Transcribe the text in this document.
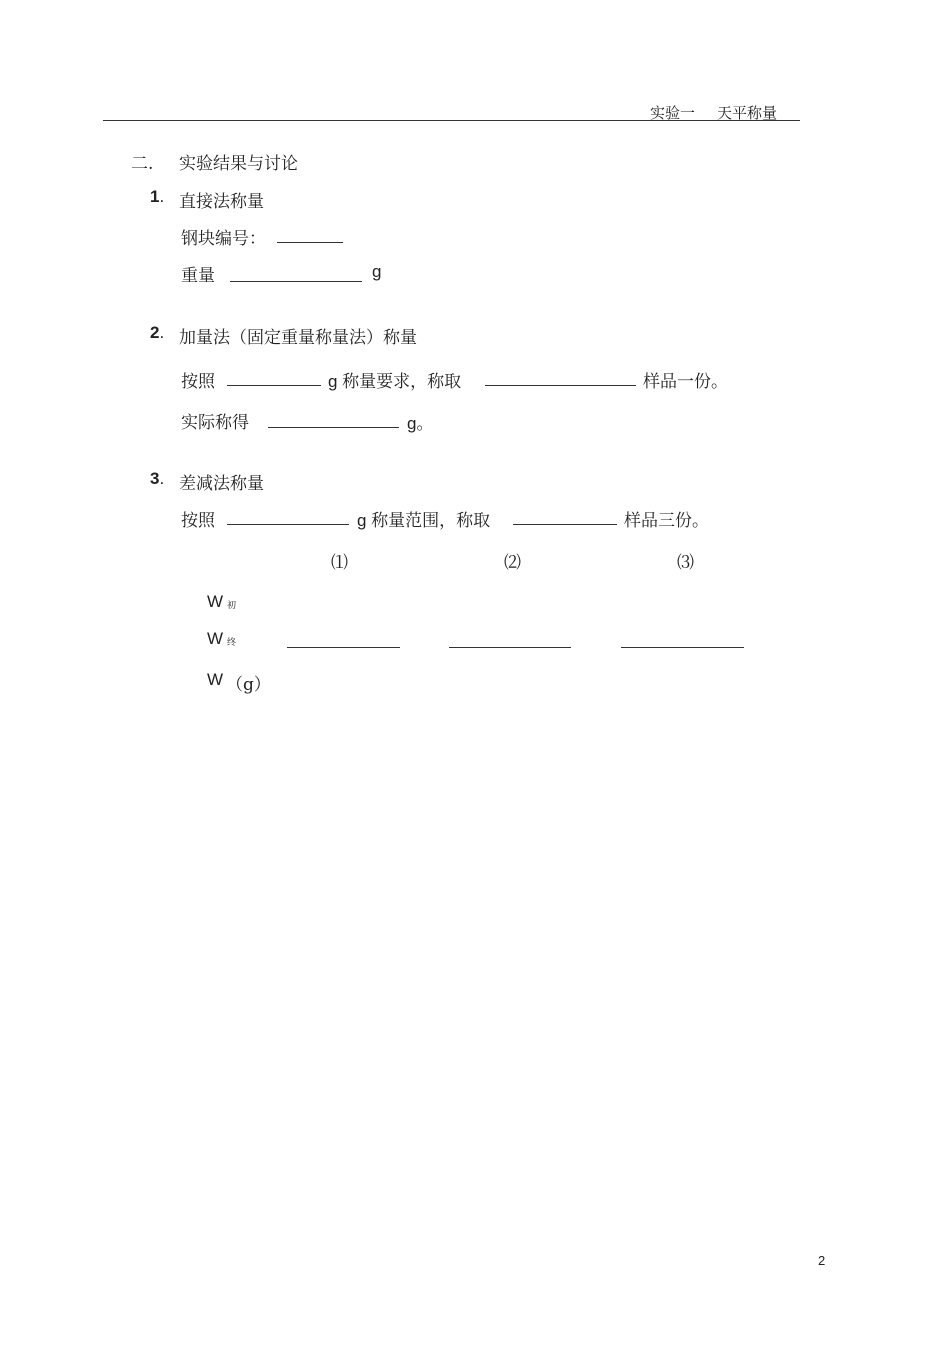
实验一 天平称量
二. 实验结果与讨论
1. 直接法称量
钢块编号：
重量	g
2. 加量法（固定重量称量法）称量
按照	g 称量要求，称取	样品一份。
实际称得	g。
3. 差减法称量
按照	g 称量范围，称取	样品三份。
⑴	⑵	⑶
W 初
W 终
W （g）
2
